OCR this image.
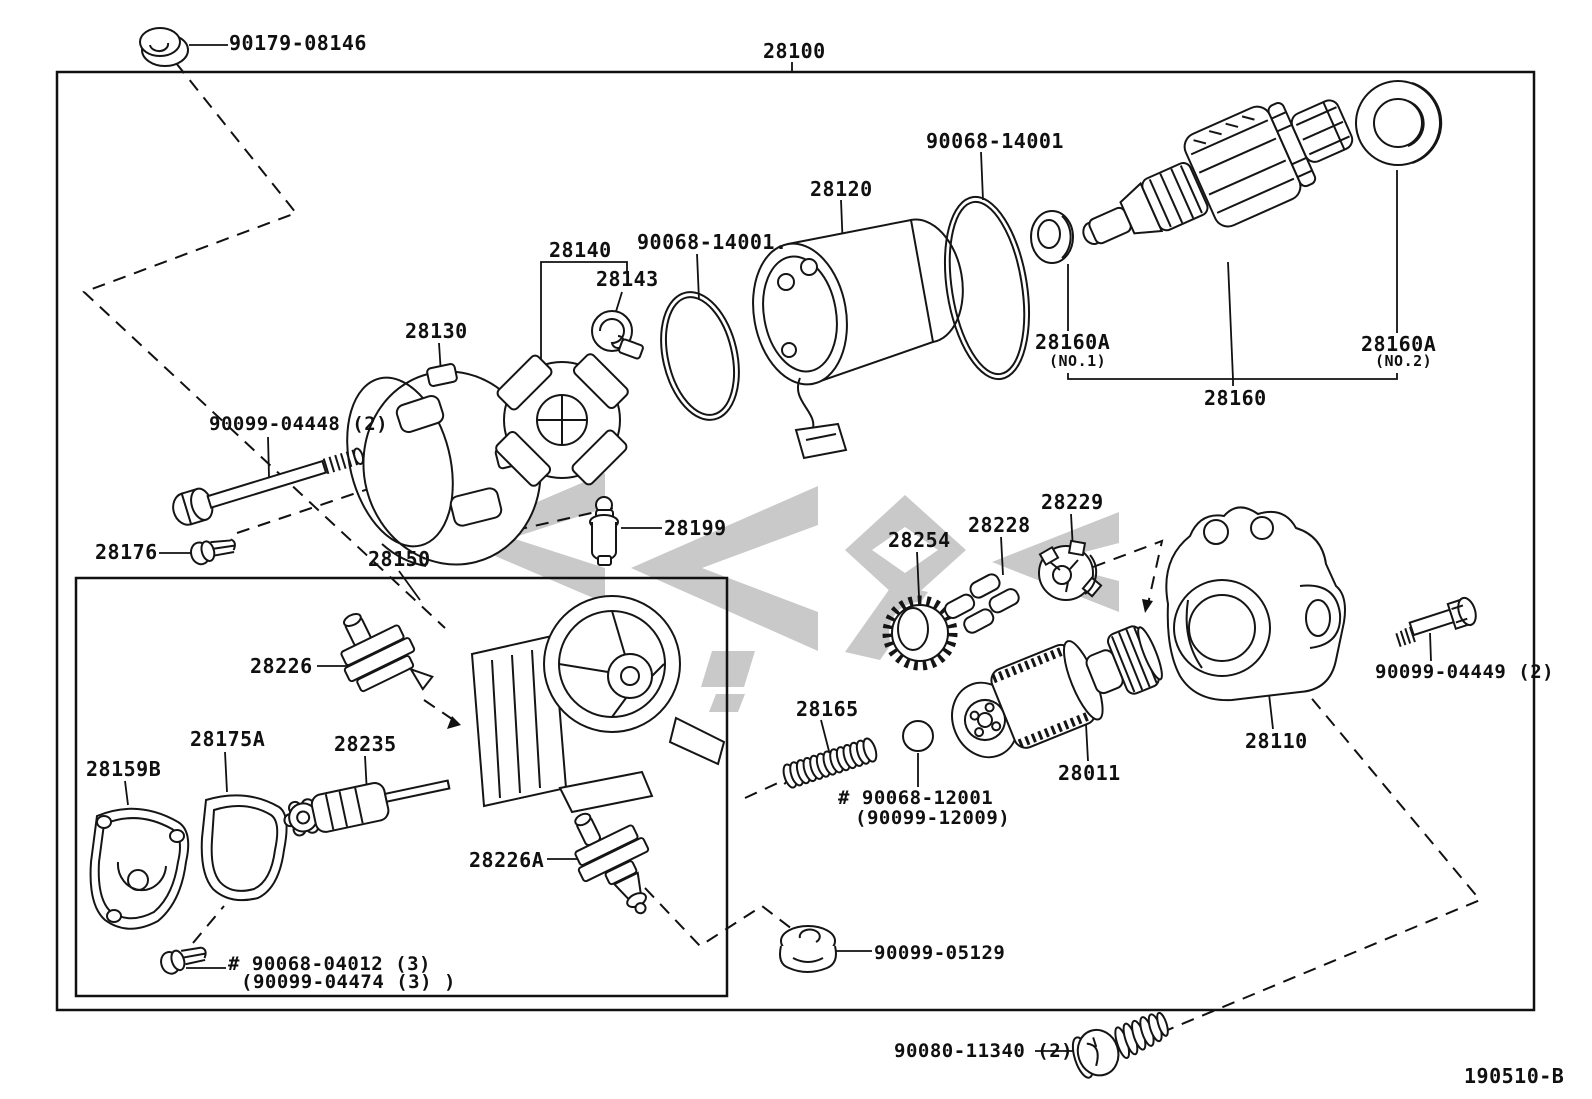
90179-08146	28100
90068-14001
28120
28140 90068-14001.
28143
28130	28160A
(NO.1)
28160A
(NO.2)
28160
90099-04448 (2)
28176
28199
28150
28254
28228
28229
28226
28175A
28159B
28235
28165
28226A
# 90068-12001
(90099-12009)
28011
28110
90099-04449 (2)
90099-05129
# 90068-04012 (3)
(90099-04474 (3) )
90080-11340 (2)
190510-B
